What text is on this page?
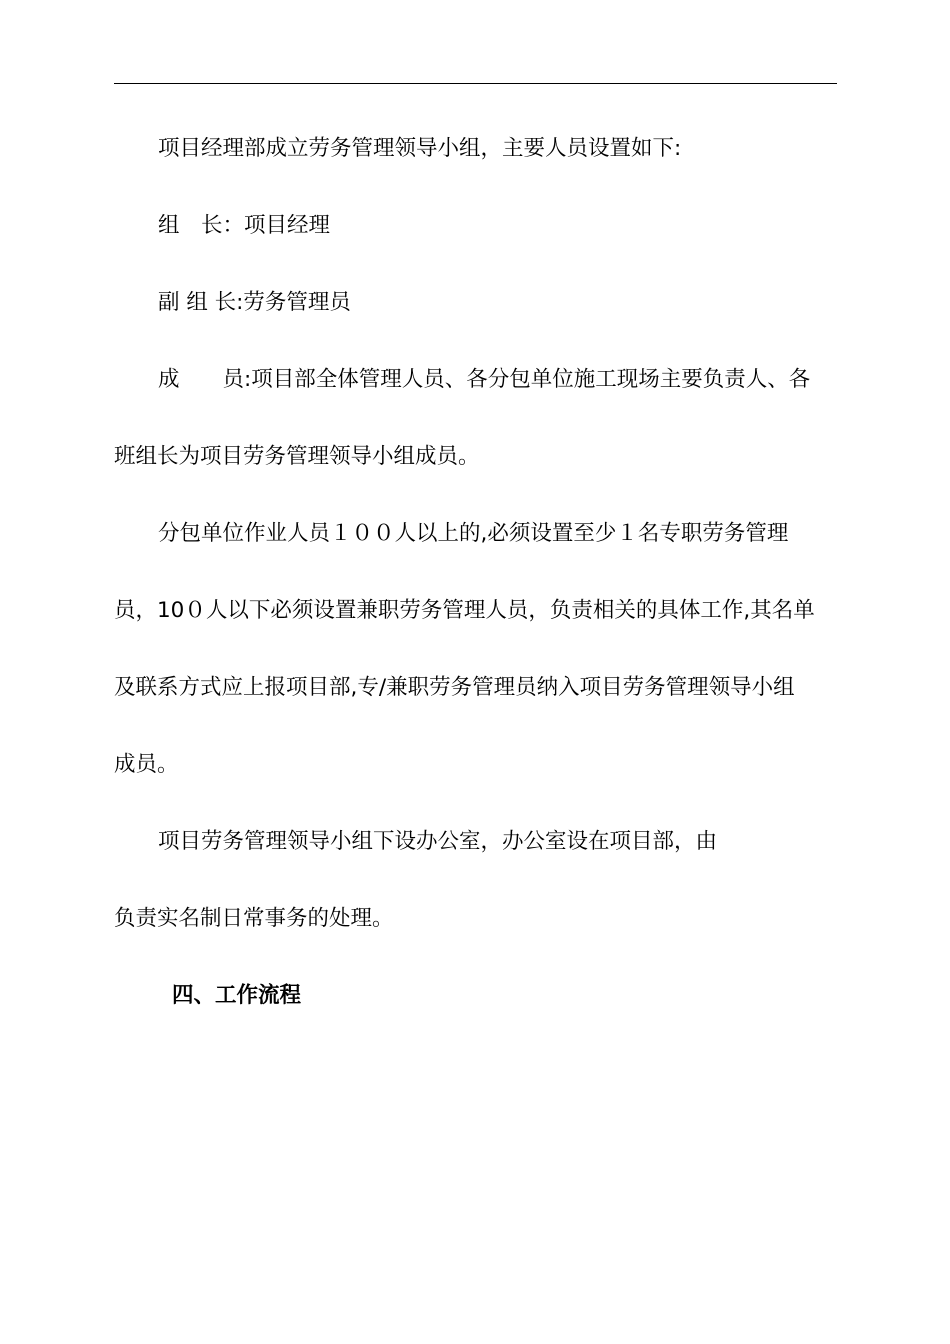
项目经理部成立劳务管理领导小组，主要人员设置如下:
组　长：项目经理
副 组 长:劳务管理员
成　　员:项目部全体管理人员、各分包单位施工现场主要负责人、各
班组长为项目劳务管理领导小组成员。
分包单位作业人员１００人以上的,必须设置至少１名专职劳务管理
员，10０人以下必须设置兼职劳务管理人员，负责相关的具体工作,其名单
及联系方式应上报项目部,专/兼职劳务管理员纳入项目劳务管理领导小组
成员。
项目劳务管理领导小组下设办公室，办公室设在项目部，由
负责实名制日常事务的处理。
四、工作流程
